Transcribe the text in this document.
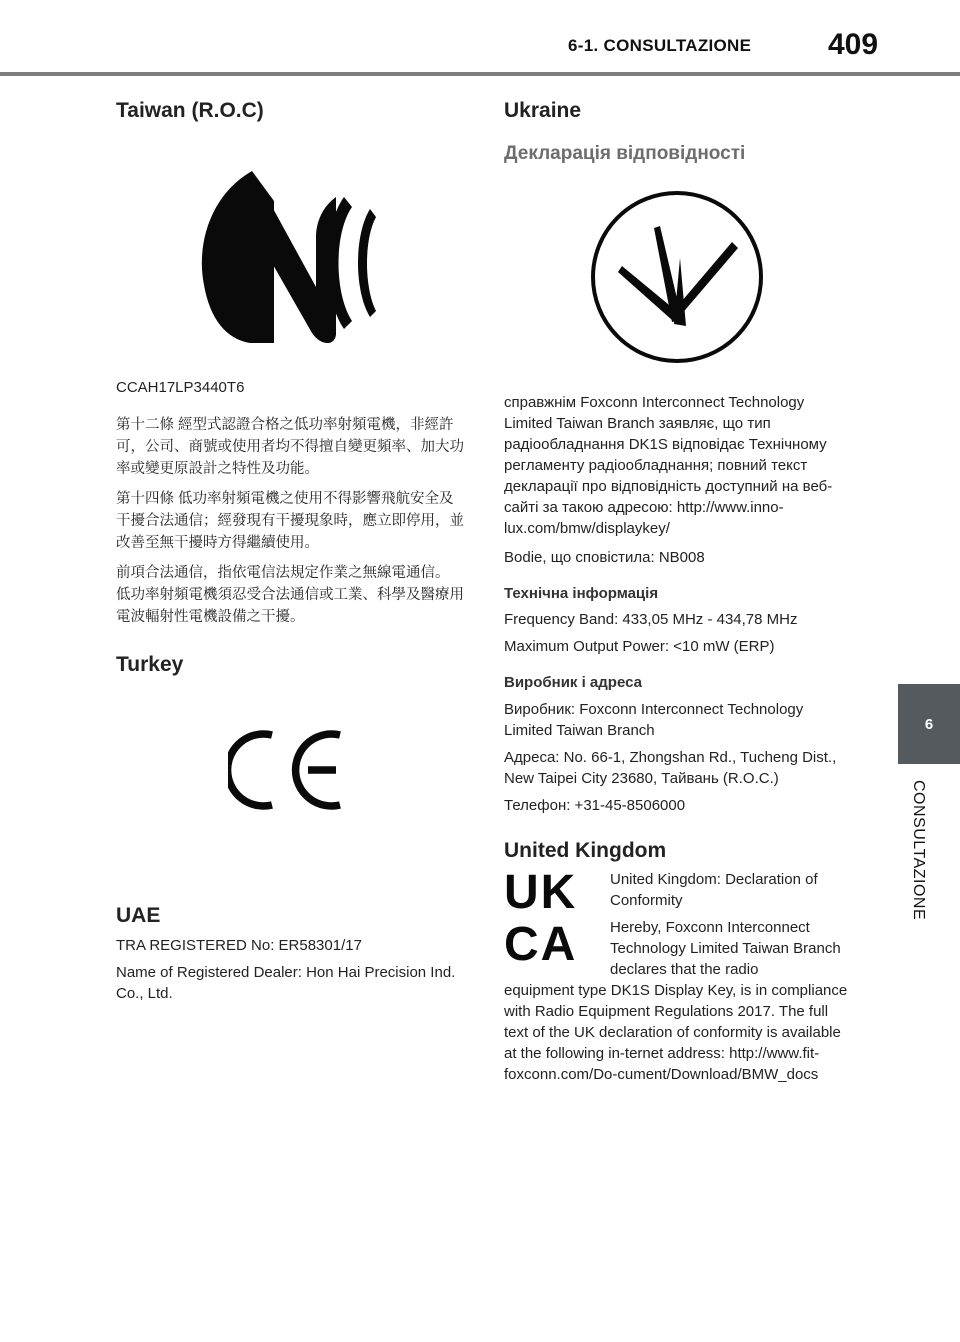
6-1. CONSULTAZIONE	409
6
CONSULTAZIONE
Taiwan (R.O.C)

CCAH17LP3440T6

第十二條 經型式認證合格之低功率射頻電機，非經許可，公司、商號或使用者均不得擅自變更頻率、加大功率或變更原設計之特性及功能。

第十四條 低功率射頻電機之使用不得影響飛航安全及干擾合法通信；經發現有干擾現象時，應立即停用，並改善至無干擾時方得繼續使用。

前項合法通信，指依電信法規定作業之無線電通信。 低功率射頻電機須忍受合法通信或工業、科學及醫療用電波輻射性電機設備之干擾。

Turkey
UAE

TRA REGISTERED No: ER58301/17

Name of Registered Dealer: Hon Hai Precision Ind. Co., Ltd.

Ukraine
Декларація відповідності

справжнім Foxconn Interconnect Technology Limited Taiwan Branch заявляє, що тип радіообладнання DK1S відповідає Технічному регламенту радіообладнання; повний текст декларації про відповідність доступний на веб-сайті за такою адресою: http://www.inno-lux.com/bmw/displaykey/

Bodie, що сповістила: NB008

Технічна інформація

Frequency Band: 433,05 MHz - 434,78 MHz

Maximum Output Power: <10 mW (ERP)

Виробник і адреса

Виробник: Foxconn Interconnect Technology Limited Taiwan Branch

Адреса: No. 66-1, Zhongshan Rd., Tucheng Dist., New Taipei City 23680, Тайвань (R.O.C.)

Телефон: +31-45-8506000

United Kingdom
UK
CA

United Kingdom: Declaration of Conformity

Hereby, Foxconn Interconnect Technology Limited Taiwan Branch declares that the radio

equipment type DK1S Display Key, is in compliance with Radio Equipment Regulations 2017. The full text of the UK declaration of conformity is available at the following in-ternet address: http://www.fit-foxconn.com/Do-cument/Download/BMW_docs
